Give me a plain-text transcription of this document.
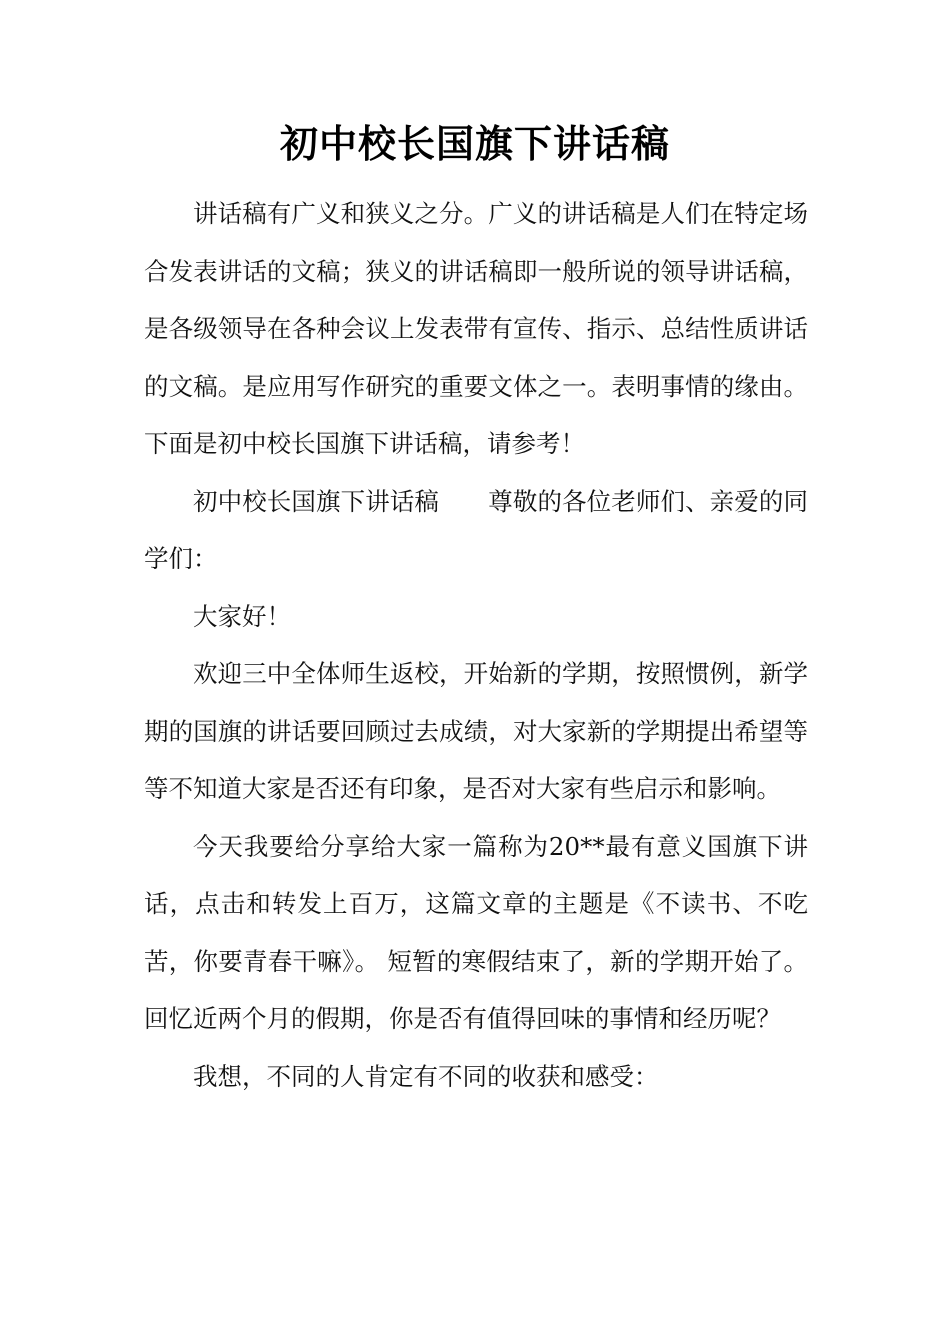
初中校长国旗下讲话稿

讲话稿有广义和狭义之分。广义的讲话稿是人们在特定场合发表讲话的文稿；狭义的讲话稿即一般所说的领导讲话稿，是各级领导在各种会议上发表带有宣传、指示、总结性质讲话的文稿。是应用写作研究的重要文体之一。表明事情的缘由。下面是初中校长国旗下讲话稿，请参考！

初中校长国旗下讲话稿　　尊敬的各位老师们、亲爱的同学们：

大家好！

欢迎三中全体师生返校，开始新的学期，按照惯例，新学期的国旗的讲话要回顾过去成绩，对大家新的学期提出希望等等不知道大家是否还有印象，是否对大家有些启示和影响。

今天我要给分享给大家一篇称为20**最有意义国旗下讲话，点击和转发上百万，这篇文章的主题是《不读书、不吃苦，你要青春干嘛》。 短暂的寒假结束了，新的学期开始了。回忆近两个月的假期，你是否有值得回味的事情和经历呢？

我想，不同的人肯定有不同的收获和感受：
